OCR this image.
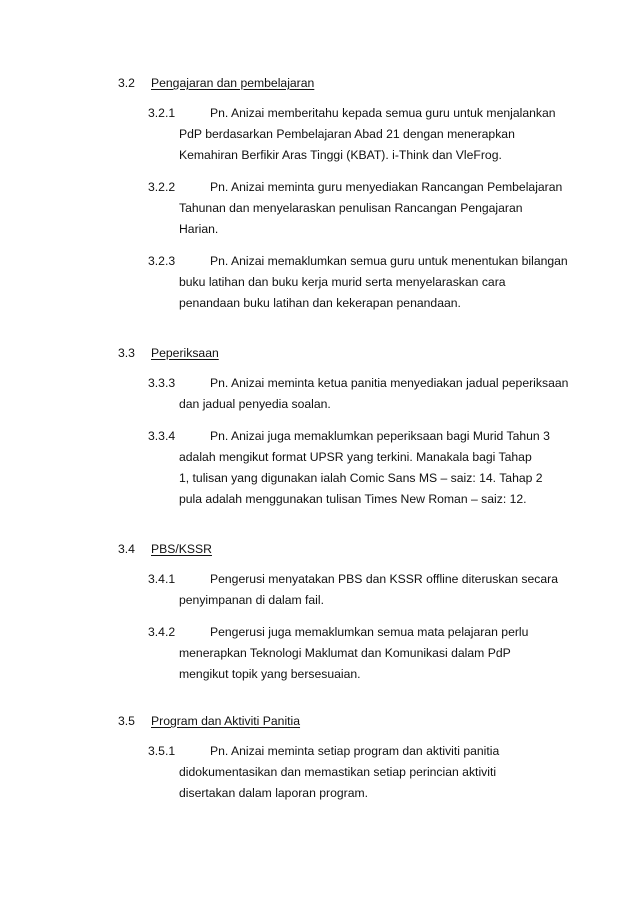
3.2 Pengajaran dan pembelajaran
3.2.1	Pn. Anizai memberitahu kepada semua guru untuk menjalankan
PdP berdasarkan Pembelajaran Abad 21 dengan menerapkan
Kemahiran Berfikir Aras Tinggi (KBAT). i-Think dan VleFrog.
3.2.2	Pn. Anizai meminta guru menyediakan Rancangan Pembelajaran
Tahunan dan menyelaraskan penulisan Rancangan Pengajaran
Harian.
3.2.3	Pn. Anizai memaklumkan semua guru untuk menentukan bilangan
buku latihan dan buku kerja murid serta menyelaraskan cara
penandaan buku latihan dan kekerapan penandaan.
3.3 Peperiksaan
3.3.3	Pn. Anizai meminta ketua panitia menyediakan jadual peperiksaan
dan jadual penyedia soalan.
3.3.4	Pn. Anizai juga memaklumkan peperiksaan bagi Murid Tahun 3
adalah mengikut format UPSR yang terkini. Manakala bagi Tahap
1, tulisan yang digunakan ialah Comic Sans MS – saiz: 14. Tahap 2
pula adalah menggunakan tulisan Times New Roman – saiz: 12.
3.4 PBS/KSSR
3.4.1	Pengerusi menyatakan PBS dan KSSR offline diteruskan secara
penyimpanan di dalam fail.
3.4.2	Pengerusi juga memaklumkan semua mata pelajaran perlu
menerapkan Teknologi Maklumat dan Komunikasi dalam PdP
mengikut topik yang bersesuaian.
3.5 Program dan Aktiviti Panitia
3.5.1	Pn. Anizai meminta setiap program dan aktiviti panitia
didokumentasikan dan memastikan setiap perincian aktiviti
disertakan dalam laporan program.
